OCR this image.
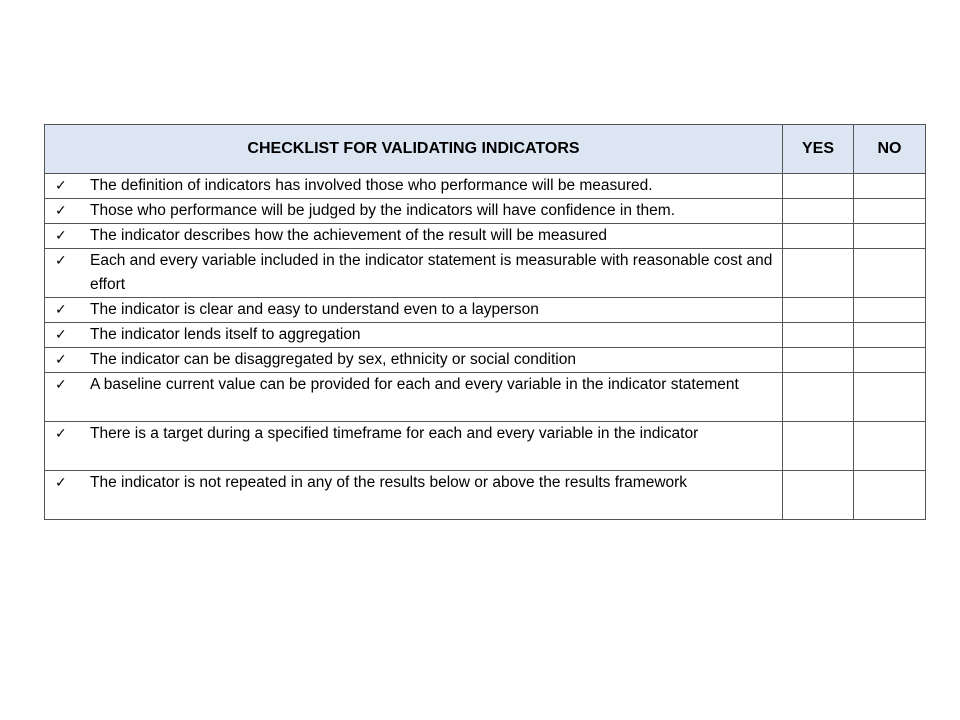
CHECKLIST FOR VALIDATING INDICATORS	YES	NO

✓ The definition of indicators has involved those who performance will be measured.		

✓ Those who performance will be judged by the indicators will have confidence in them.		

✓ The indicator describes how the achievement of the result will be measured		

✓ Each and every variable included in the indicator statement is measurable with reasonable cost and effort		

✓ The indicator is clear and easy to understand even to a layperson		

✓ The indicator lends itself to aggregation		

✓ The indicator can be disaggregated by sex, ethnicity or social condition		

✓ A baseline current value can be provided for each and every variable in the indicator statement		

✓ There is a target during a specified timeframe for each and every variable in the indicator		

✓ The indicator is not repeated in any of the results below or above the results framework		
